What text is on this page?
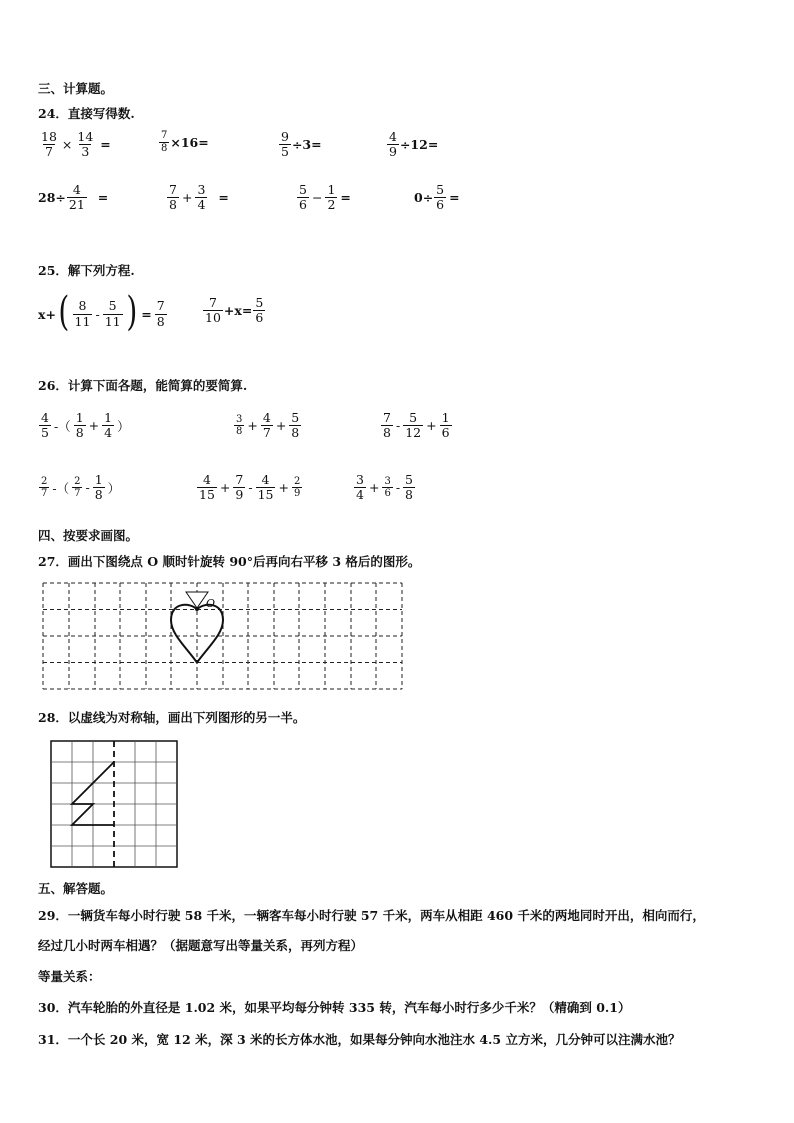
三、计算题。
24．直接写得数.
$\frac{18}{7} \times \frac{14}{3}$ =	$\frac{7}{8} \times 16=$	$\frac{9}{5} \div 3=$	$\frac{4}{9} \div 12=$
$28\div \frac{4}{21}$ =	$\frac{7}{8} + \frac{3}{4}$ =	$\frac{5}{6} - \frac{1}{2}$ =	$0\div \frac{5}{6}$ =
25．解下列方程.
x+ ( $\frac{8}{11} - \frac{5}{11}$ ) = $\frac{7}{8}$	$\frac{7}{10} +x= \frac{5}{6}$
26．计算下面各题，能简算的要简算.
$\frac{4}{5}$ -（ $\frac{1}{8} + \frac{1}{4}$ ）	$\frac{3}{8} + \frac{4}{7} + \frac{5}{8}$	$\frac{7}{8} - \frac{5}{12} + \frac{1}{6}$
$\frac{2}{7}$ -（ $\frac{2}{7} - \frac{1}{8}$ ）	$\frac{4}{15} + \frac{7}{9} - \frac{4}{15} + \frac{2}{9}$	$\frac{3}{4} + \frac{3}{6} - \frac{5}{8}$
四、按要求画图。
27．画出下图绕点 O 顺时针旋转 90°后再向右平移 3 格后的图形。
O
28．以虚线为对称轴，画出下列图形的另一半。
五、解答题。
29．一辆货车每小时行驶 58 千米，一辆客车每小时行驶 57 千米，两车从相距 460 千米的两地同时开出，相向而行，
经过几小时两车相遇？（据题意写出等量关系，再列方程）
等量关系：
30．汽车轮胎的外直径是 1.02 米，如果平均每分钟转 335 转，汽车每小时行多少千米？（精确到 0.1）
31．一个长 20 米，宽 12 米，深 3 米的长方体水池，如果每分钟向水池注水 4.5 立方米，几分钟可以注满水池？
